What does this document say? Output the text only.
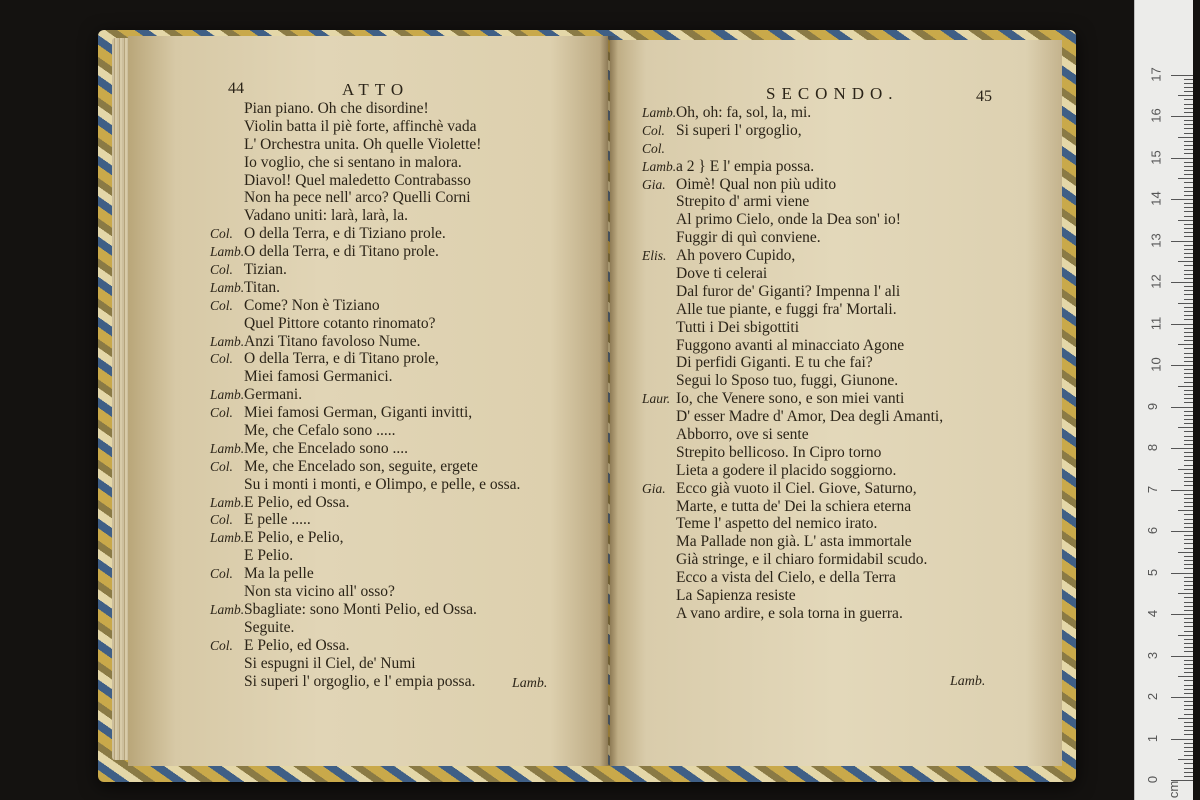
44	ATTO
Pian piano. Oh che disordine!
Violin batta il piè forte, affinchè vada
L' Orchestra unita. Oh quelle Violette!
Io voglio, che si sentano in malora.
Diavol! Quel maledetto Contrabasso
Non ha pece nell' arco? Quelli Corni
Vadano uniti: larà, larà, la.
Col. O della Terra, e di Tiziano prole.
Lamb.O della Terra, e di Titano prole.
Col. Tizian.
Lamb.Titan.
Col. Come? Non è Tiziano
Quel Pittore cotanto rinomato?
Lamb.Anzi Titano favoloso Nume.
Col. O della Terra, e di Titano prole,
Miei famosi Germanici.
Lamb.Germani.
Col. Miei famosi German, Giganti invitti,
Me, che Cefalo sono .....
Lamb.Me, che Encelado sono ....
Col. Me, che Encelado son, seguite, ergete
Su i monti i monti, e Olimpo, e pelle, e ossa.
Lamb.E Pelio, ed Ossa.
Col. E pelle .....
Lamb.E Pelio, e Pelio,
E Pelio.
Col. Ma la pelle
Non sta vicino all' osso?
Lamb.Sbagliate: sono Monti Pelio, ed Ossa.
Seguite.
Col. E Pelio, ed Ossa.
Si espugni il Ciel, de' Numi
Si superi l' orgoglio, e l' empia possa.	Lamb.
45
SECONDO.
Lamb.Oh, oh: fa, sol, la, mi.
Col. Si superi l' orgoglio,
Col.
Lamb.a 2 } E l' empia possa.
Gia. Oimè! Qual non più udito
Strepito d' armi viene
Al primo Cielo, onde la Dea son' io!
Fuggir di quì conviene.
Elis. Ah povero Cupido,
Dove ti celerai
Dal furor de' Giganti? Impenna l' ali
Alle tue piante, e fuggi fra' Mortali.
Tutti i Dei sbigottiti
Fuggono avanti al minacciato Agone
Di perfidi Giganti. E tu che fai?
Segui lo Sposo tuo, fuggi, Giunone.
Laur. Io, che Venere sono, e son miei vanti
D' esser Madre d' Amor, Dea degli Amanti,
Abborro, ove si sente
Strepito bellicoso. In Cipro torno
Lieta a godere il placido soggiorno.
Gia. Ecco già vuoto il Ciel. Giove, Saturno,
Marte, e tutta de' Dei la schiera eterna
Teme l' aspetto del nemico irato.
Ma Pallade non già. L' asta immortale
Già stringe, e il chiaro formidabil scudo.
Ecco a vista del Cielo, e della Terra
La Sapienza resiste
A vano ardire, e sola torna in guerra.
Lamb.
0
1
2
3
4
5
6
7
8
9
10
11
12
13
14
15
16
17
cm
